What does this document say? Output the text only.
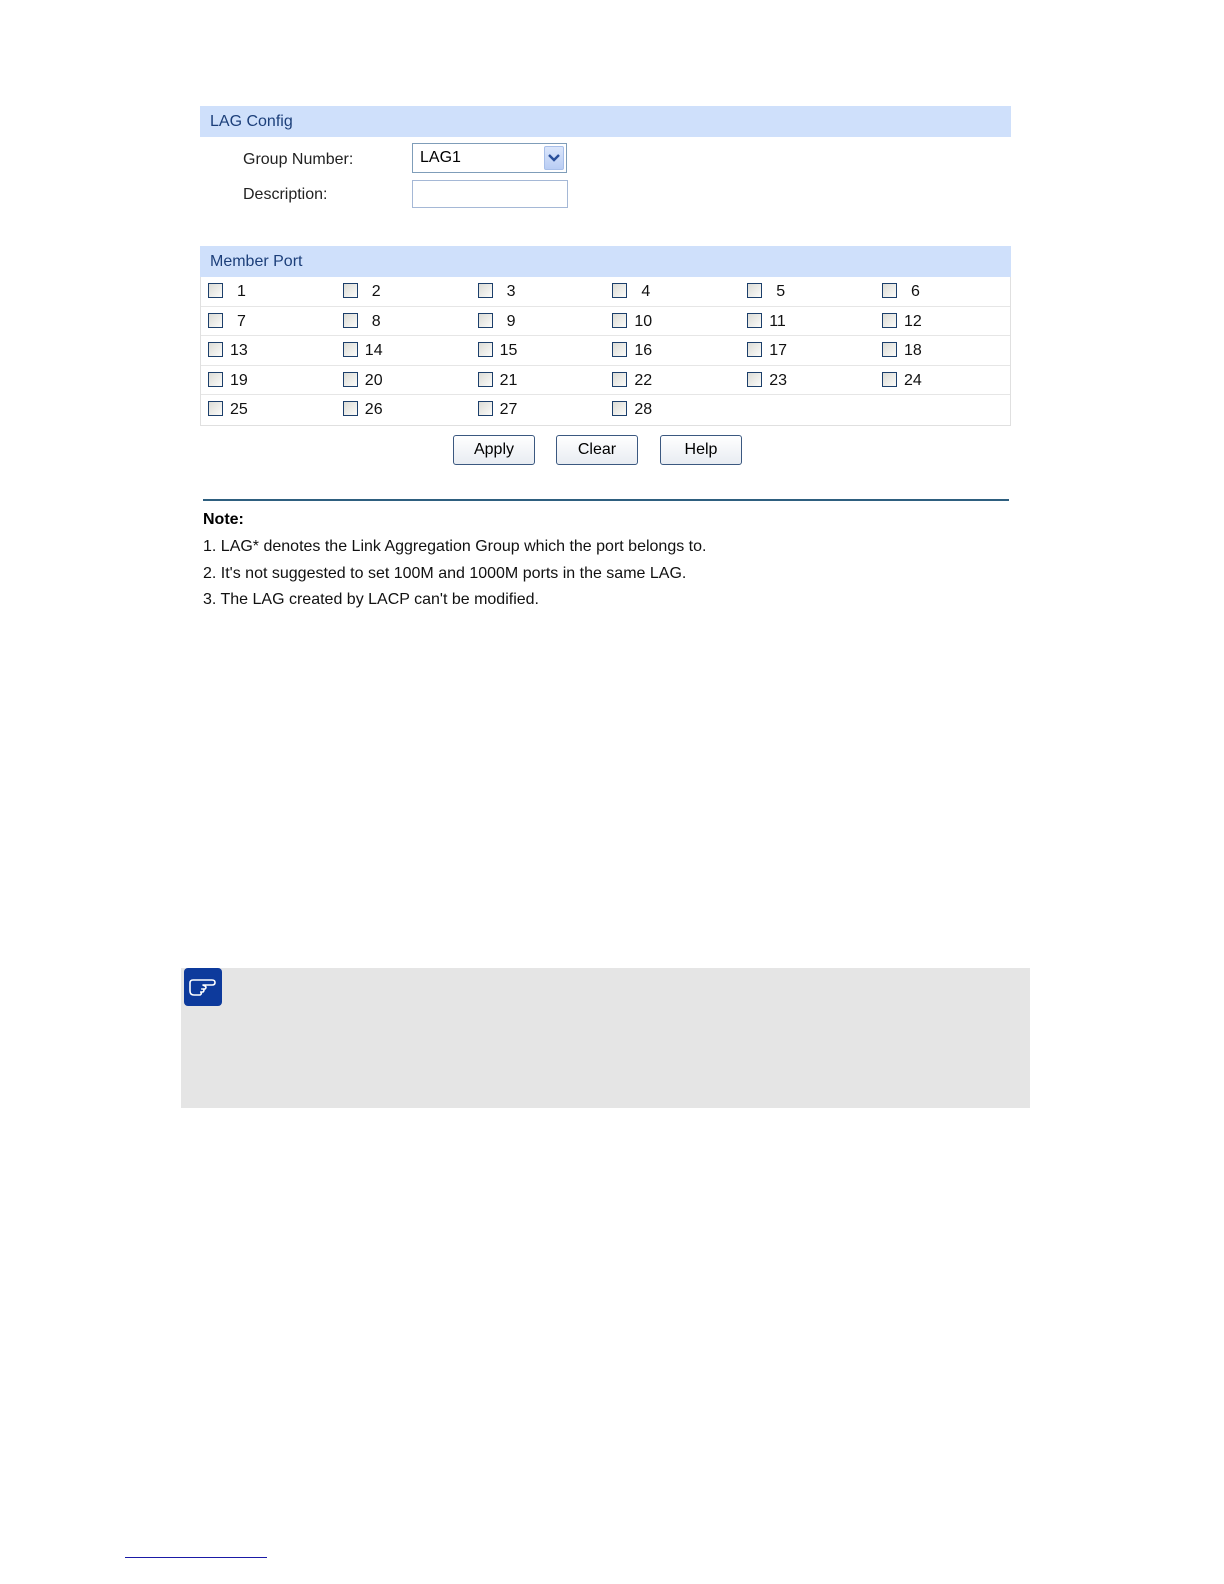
LAG Config
Group Number:	LAG1
Description:
Member Port
1	2	3	4	5	6
7	8	9	10	11	12
13	14	15	16	17	18
19	20	21	22	23	24
25	26	27	28
Apply	Clear	Help
Note:
1. LAG* denotes the Link Aggregation Group which the port belongs to.
2. It's not suggested to set 100M and 1000M ports in the same LAG.
3. The LAG created by LACP can't be modified.
